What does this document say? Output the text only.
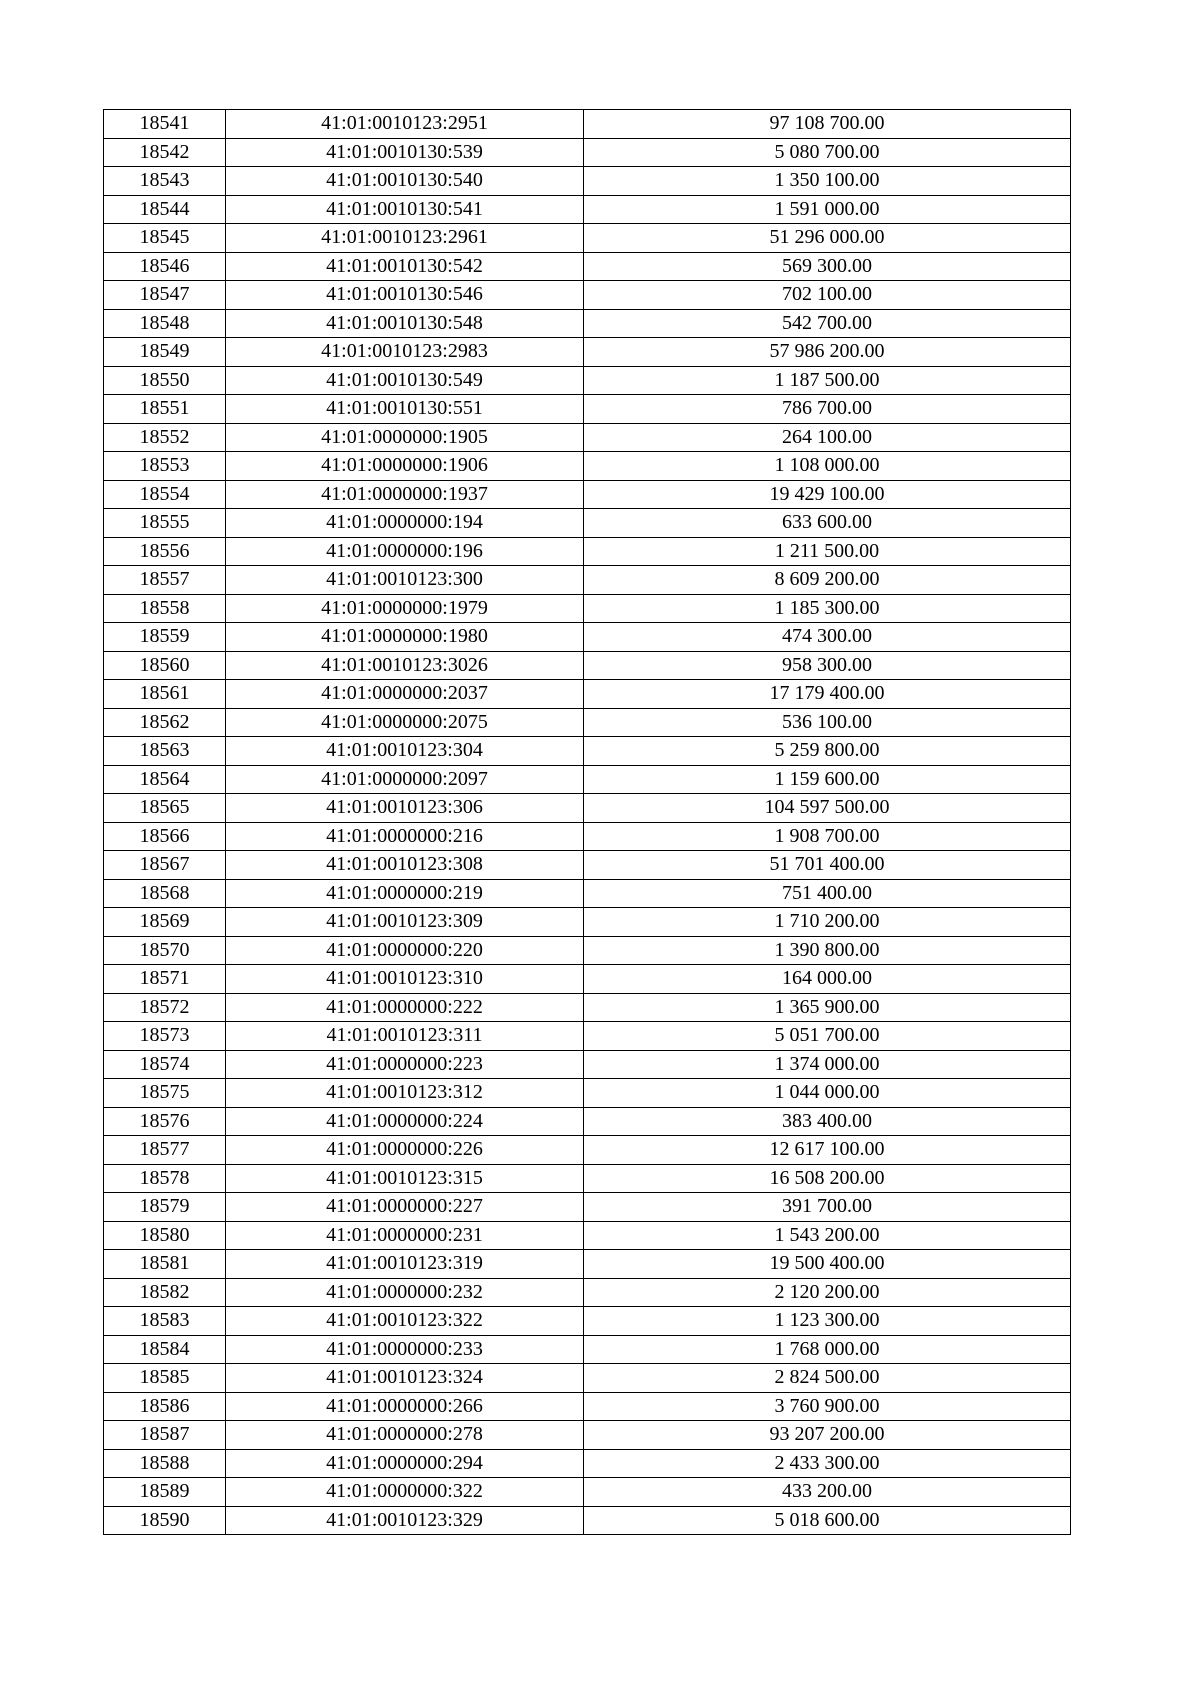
18541	41:01:0010123:2951	97 108 700.00
18542	41:01:0010130:539	5 080 700.00
18543	41:01:0010130:540	1 350 100.00
18544	41:01:0010130:541	1 591 000.00
18545	41:01:0010123:2961	51 296 000.00
18546	41:01:0010130:542	569 300.00
18547	41:01:0010130:546	702 100.00
18548	41:01:0010130:548	542 700.00
18549	41:01:0010123:2983	57 986 200.00
18550	41:01:0010130:549	1 187 500.00
18551	41:01:0010130:551	786 700.00
18552	41:01:0000000:1905	264 100.00
18553	41:01:0000000:1906	1 108 000.00
18554	41:01:0000000:1937	19 429 100.00
18555	41:01:0000000:194	633 600.00
18556	41:01:0000000:196	1 211 500.00
18557	41:01:0010123:300	8 609 200.00
18558	41:01:0000000:1979	1 185 300.00
18559	41:01:0000000:1980	474 300.00
18560	41:01:0010123:3026	958 300.00
18561	41:01:0000000:2037	17 179 400.00
18562	41:01:0000000:2075	536 100.00
18563	41:01:0010123:304	5 259 800.00
18564	41:01:0000000:2097	1 159 600.00
18565	41:01:0010123:306	104 597 500.00
18566	41:01:0000000:216	1 908 700.00
18567	41:01:0010123:308	51 701 400.00
18568	41:01:0000000:219	751 400.00
18569	41:01:0010123:309	1 710 200.00
18570	41:01:0000000:220	1 390 800.00
18571	41:01:0010123:310	164 000.00
18572	41:01:0000000:222	1 365 900.00
18573	41:01:0010123:311	5 051 700.00
18574	41:01:0000000:223	1 374 000.00
18575	41:01:0010123:312	1 044 000.00
18576	41:01:0000000:224	383 400.00
18577	41:01:0000000:226	12 617 100.00
18578	41:01:0010123:315	16 508 200.00
18579	41:01:0000000:227	391 700.00
18580	41:01:0000000:231	1 543 200.00
18581	41:01:0010123:319	19 500 400.00
18582	41:01:0000000:232	2 120 200.00
18583	41:01:0010123:322	1 123 300.00
18584	41:01:0000000:233	1 768 000.00
18585	41:01:0010123:324	2 824 500.00
18586	41:01:0000000:266	3 760 900.00
18587	41:01:0000000:278	93 207 200.00
18588	41:01:0000000:294	2 433 300.00
18589	41:01:0000000:322	433 200.00
18590	41:01:0010123:329	5 018 600.00
